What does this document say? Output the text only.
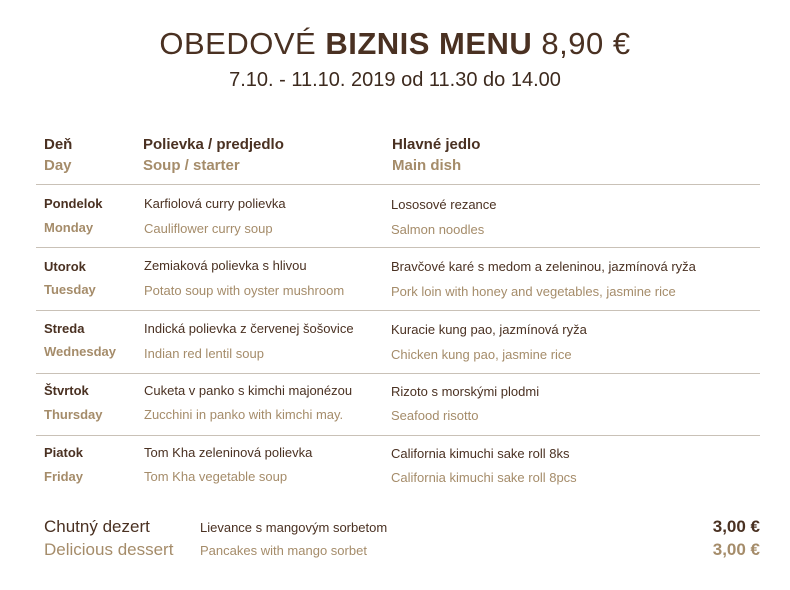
OBEDOVÉ BIZNIS MENU 8,90 €
7.10. - 11.10. 2019 od 11.30 do 14.00
Deň
Day
Polievka / predjedlo
Soup / starter
Hlavné jedlo
Main dish
Pondelok
Monday
Karfiolová curry polievka
Cauliflower curry soup
Lososové rezance
Salmon noodles
Utorok
Tuesday
Zemiaková polievka s hlivou
Potato soup with oyster mushroom
Bravčové karé s medom a zeleninou, jazmínová ryža
Pork loin with honey and vegetables, jasmine rice
Streda
Wednesday
Indická polievka z červenej šošovice
Indian red lentil soup
Kuracie kung pao, jazmínová ryža
Chicken kung pao, jasmine rice
Štvrtok
Thursday
Cuketa v panko s kimchi majonézou
Zucchini in panko with kimchi may.
Rizoto s morskými plodmi
Seafood risotto
Piatok
Friday
Tom Kha zeleninová polievka
Tom Kha vegetable soup
California kimuchi sake roll 8ks
California kimuchi sake roll 8pcs
Chutný dezert
Delicious dessert
Lievance s mangovým sorbetom
Pancakes with mango sorbet
3,00 €
3,00 €
